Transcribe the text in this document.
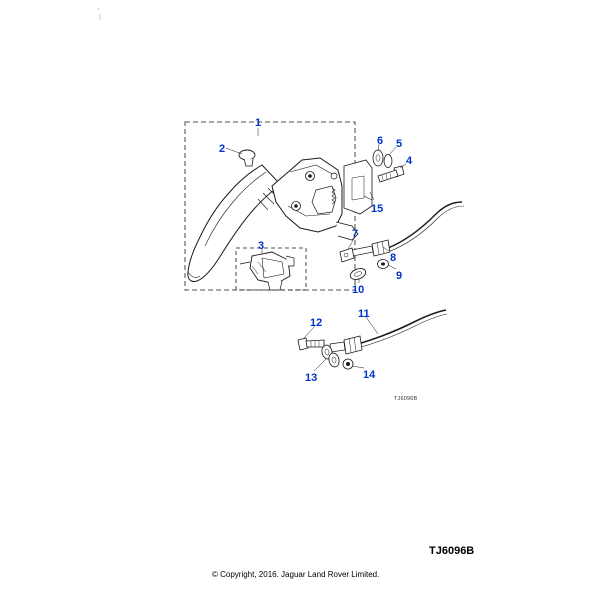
1
2
3
4
5
6
7
8
9
10
11
12
13	14
15
TJ6096B
TJ6096B
© Copyright, 2016. Jaguar Land Rover Limited.
'
